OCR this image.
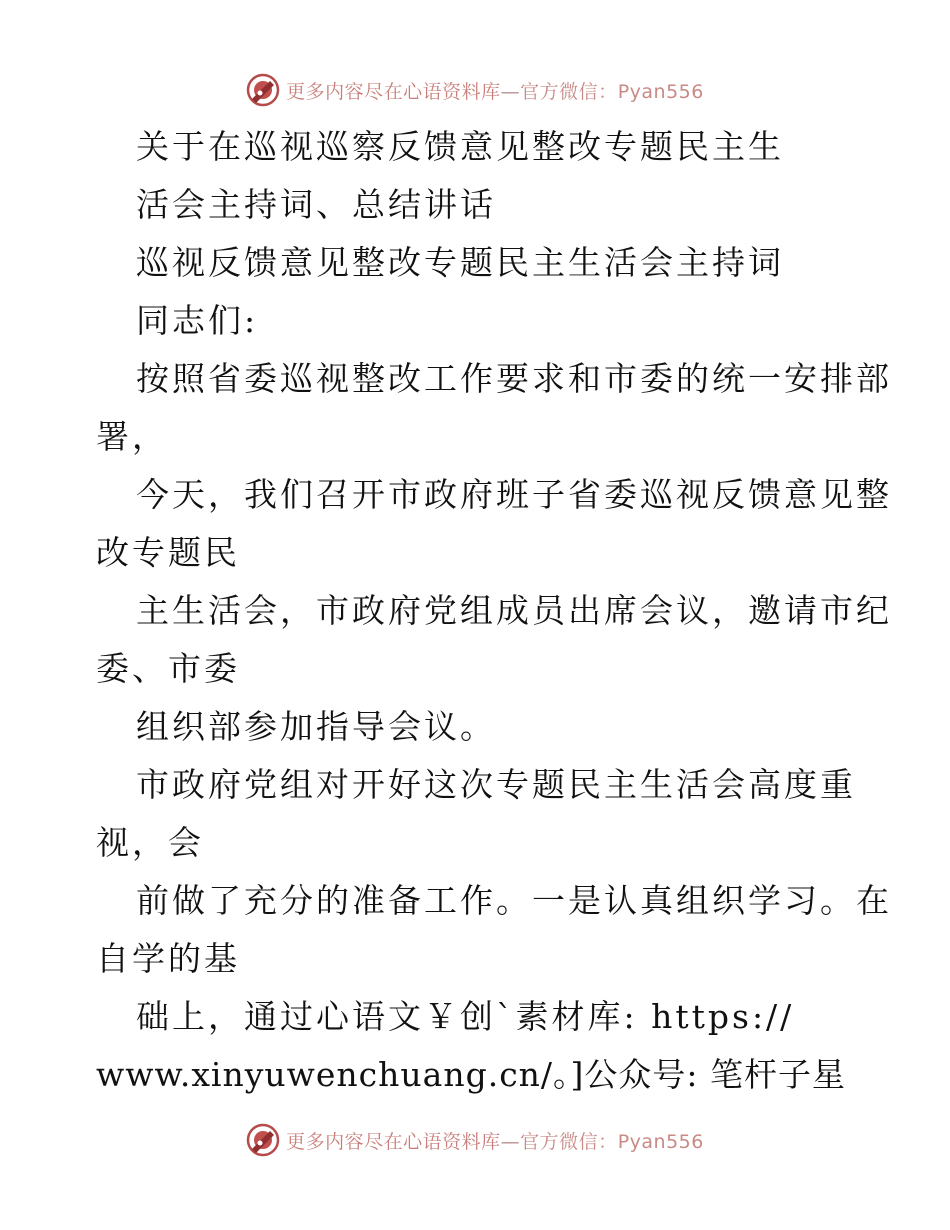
更多内容尽在心语资料库—官方微信：Pyan556
关于在巡视巡察反馈意见整改专题民主生
活会主持词、总结讲话
巡视反馈意见整改专题民主生活会主持词
同志们:
按照省委巡视整改工作要求和市委的统一安排部
署，
今天，我们召开市政府班子省委巡视反馈意见整
改专题民
主生活会，市政府党组成员出席会议，邀请市纪
委、市委
组织部参加指导会议。
市政府党组对开好这次专题民主生活会高度重
视，会
前做了充分的准备工作。一是认真组织学习。在
自学的基
础上，通过心语文￥创`素材库: https://
www.xinyuwenchuang.cn/。]公众号: 笔杆子星
更多内容尽在心语资料库—官方微信：Pyan556
